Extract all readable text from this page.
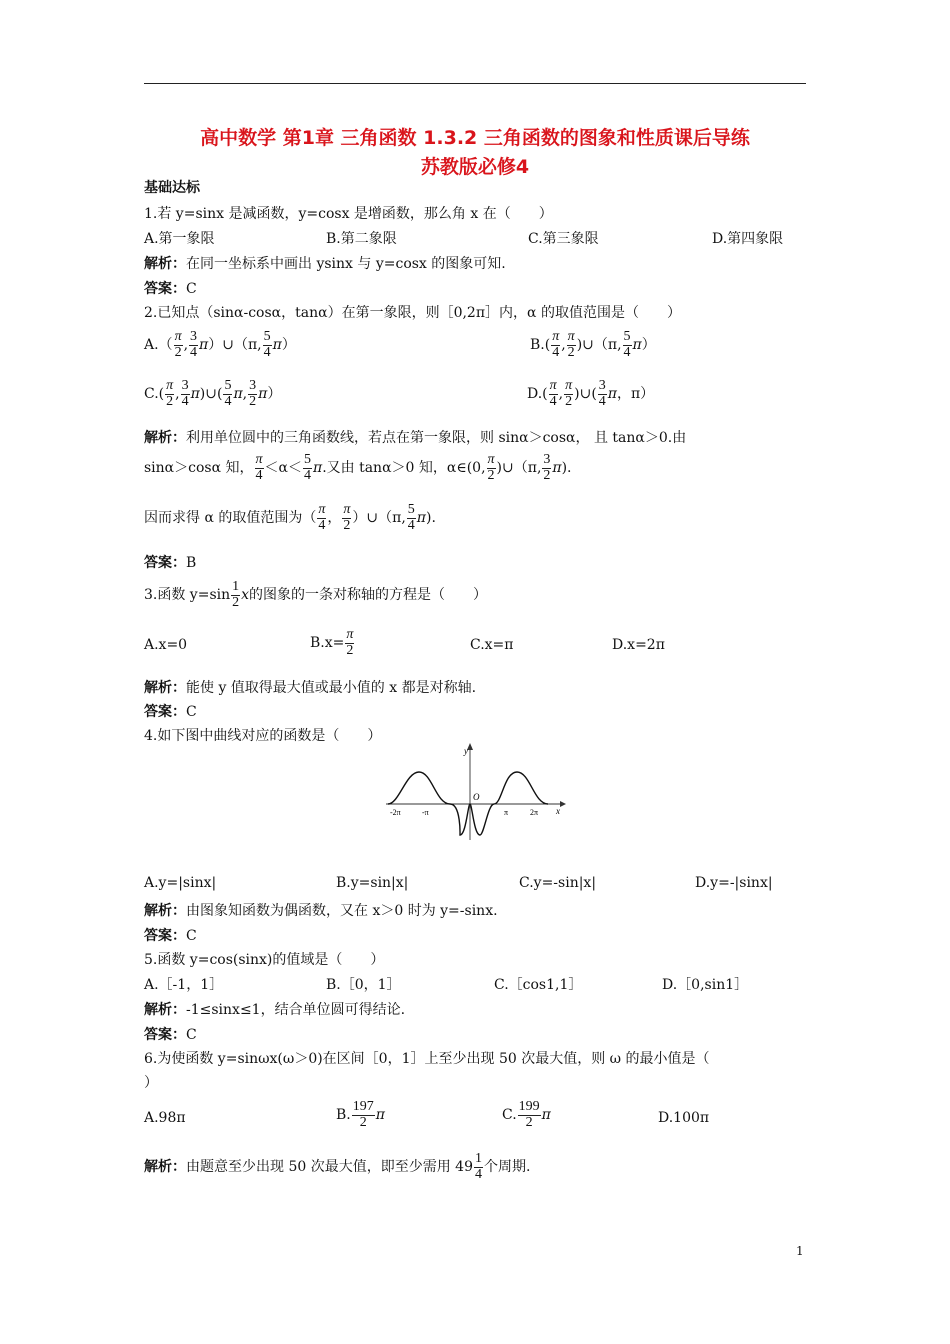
高中数学 第1章 三角函数 1.3.2 三角函数的图象和性质课后导练
苏教版必修4
基础达标
1.若 y=sinx 是减函数，y=cosx 是增函数，那么角 x 在（　　）
A.第一象限	B.第二象限	C.第三象限	D.第四象限
解析：在同一坐标系中画出 ysinx 与 y=cosx 的图象可知.
答案：C
2.已知点（sinα-cosα，tanα）在第一象限，则［0,2π］内，α 的取值范围是（　　）
$A.( \frac{\pi}{2}$ , $\frac{3}{4}$ π）∪（π, $\frac{5}{4} \pi$）	$B.( \frac{\pi}{4}$ , $\frac{\pi}{2}$ )∪（π, $\frac{5}{4} \pi$）
$C.( \frac{\pi}{2}$ , $\frac{3}{4}$ π)∪( $\frac{5}{4} \pi$, $\frac{3}{2} \pi$）	$D.( \frac{\pi}{4}$ , $\frac{\pi}{2}$ )∪( $\frac{3}{4}$ π，π）
解析：利用单位圆中的三角函数线，若点在第一象限，则 sinα＞cosα， 且 tanα＞0.由
sinα＞cosα 知， $\frac{\pi}{4} <\alpha< \frac{5}{4} \pi$.又由 tanα＞0 知，α∈(0, $\frac{\pi}{2}$ )∪（π, $\frac{3}{2} \pi$).
因而求得 α 的取值范围为（ $\frac{\pi}{4}$ ， $\frac{\pi}{2}$ ）∪（π, $\frac{5}{4} \pi$).
答案：B
3.函数 $y=\sin \frac{1}{2}$ x的图象的一条对称轴的方程是（　　）
A.x=0	$B.x= \frac{\pi}{2}$	C.x=π	D.x=2π
解析：能使 y 值取得最大值或最小值的 x 都是对称轴.
答案：C
4.如下图中曲线对应的函数是（　　）
y
x
O
-2π	-π	π	2π
A.y=|sinx|	B.y=sin|x|	C.y=-sin|x|	D.y=-|sinx|
解析：由图象知函数为偶函数，又在 x＞0 时为 y=-sinx.
答案：C
5.函数 y=cos(sinx)的值域是（　　）
A.［-1，1］	B.［0，1］	C.［cos1,1］	D.［0,sin1］
解析：-1≤sinx≤1，结合单位圆可得结论.
答案：C
6.为使函数 y=sinωx(ω＞0)在区间［0，1］上至少出现 50 次最大值，则 ω 的最小值是（
）
A.98π	B. $\frac{197}{2}$ π	C. $\frac{199}{2}$ π	D.100π
解析：由题意至少出现 50 次最大值，即至少需用 $49 \frac{1}{4}$ 个周期.
1
